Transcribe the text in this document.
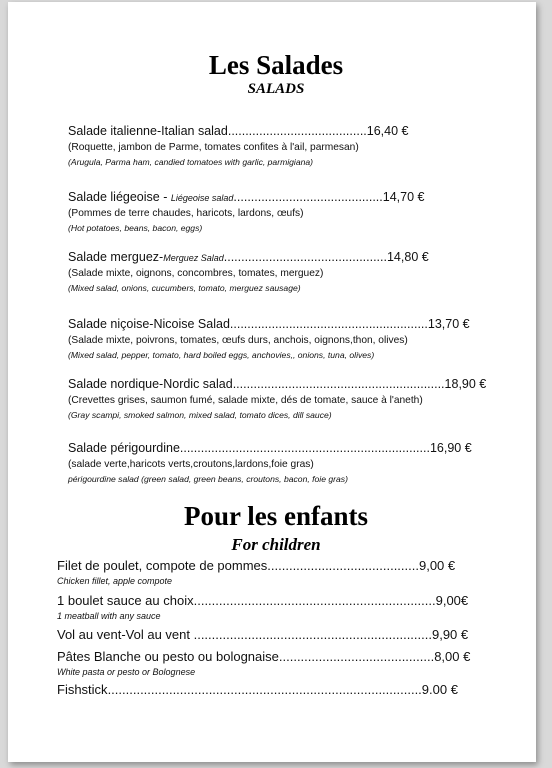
Les Salades
SALADS
Salade italienne-Italian salad........................................16,40 €
(Roquette, jambon de Parme, tomates confites à l'ail, parmesan)
(Arugula, Parma ham, candied tomatoes with garlic, parmigiana)
Salade liégeoise - Liégeoise salad...........................................14,70 €
(Pommes de terre chaudes, haricots, lardons, œufs)
(Hot potatoes, beans, bacon, eggs)
Salade merguez-Merguez Salad...............................................14,80 €
(Salade mixte, oignons, concombres, tomates, merguez)
(Mixed salad, onions, cucumbers, tomato, merguez sausage)
Salade niçoise-Nicoise Salad.........................................................13,70 €
(Salade mixte, poivrons, tomates, œufs durs, anchois, oignons,thon, olives)
(Mixed salad, pepper, tomato, hard boiled eggs, anchovies,, onions, tuna, olives)
Salade nordique-Nordic salad.............................................................18,90 €
(Crevettes grises, saumon fumé, salade mixte, dés de tomate, sauce à l'aneth)
(Gray scampi, smoked salmon, mixed salad, tomato dices, dill sauce)
Salade périgourdine........................................................................16,90 €
(salade verte,haricots verts,croutons,lardons,foie gras)
périgourdine salad (green salad, green beans, croutons, bacon, foie gras)
Pour les enfants
For children
Filet de poulet, compote de pommes..........................................9,00 €
Chicken fillet, apple compote
1 boulet sauce au choix...................................................................9,00€
1 meatball with any sauce
Vol au vent-Vol au vent ..................................................................9,90 €
Pâtes Blanche ou pesto ou bolognaise...........................................8,00 €
White pasta or pesto or Bolognese
Fishstick.......................................................................................9.00 €
